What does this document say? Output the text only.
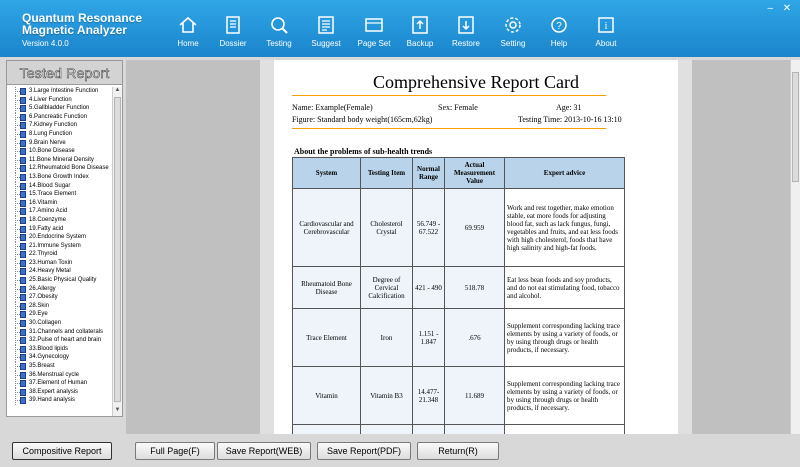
Quantum Resonance
Magnetic Analyzer
Version 4.0.0	Home	Dossier	Testing	Suggest	Page Set	Backup	Restore	Setting
?
Help
i
About
– ✕
Tested Report
3.Large Intestine Function
4.Liver Function
5.Gallbladder Function
6.Pancreatic Function
7.Kidney Function
8.Lung Function
9.Brain Nerve
10.Bone Disease
11.Bone Mineral Density
12.Rheumatoid Bone Disease
13.Bone Growth Index
14.Blood Sugar
15.Trace Element
16.Vitamin
17.Amino Acid
18.Coenzyme
19.Fatty acid
20.Endocrine System
21.Immune System
22.Thyroid
23.Human Toxin
24.Heavy Metal
25.Basic Physical Quality
26.Allergy
27.Obesity
28.Skin
29.Eye
30.Collagen
31.Channels and collaterals
32.Pulse of heart and brain
33.Blood lipids
34.Gynecology
35.Breast
36.Menstrual cycle
37.Element of Human
38.Expert analysis
39.Hand analysis
▲
▼
Comprehensive Report Card
Name: Example(Female)	Sex: Female	Age: 31
Figure: Standard body weight(165cm,62kg)	Testing Time: 2013-10-16 13:10
About the problems of sub-health trends
System	Testing Item	Normal Range	Actual Measurement Value	Expert advice
Cardiovascular and Cerebrovascular	Cholesterol Crystal	56.749 - 67.522	69.959	Work and rest together, make emotion stable, eat more foods for adjusting blood fat, such as lack fungus, fungi, vegetables and fruits, and eat less foods with high cholesterol, foods that have high salinity and high-fat foods.
Rheumatoid Bone Disease	Degree of Cervical Calcification	421 - 490	518.78	Eat less bean foods and soy products, and do not eat stimulating food, tobacco and alcohol.
Trace Element	Iron	1.151 - 1.847	.676	Supplement corresponding lacking trace elements by using a variety of foods, or by using through drugs or health products, if necessary.
Vitamin	Vitamin B3	14.477- 21.348	11.689	Supplement corresponding lacking trace elements by using a variety of foods, or by using through drugs or health products, if necessary.

Compositive Report	Full Page(F)	Save Report(WEB)	Save Report(PDF)	Return(R)
